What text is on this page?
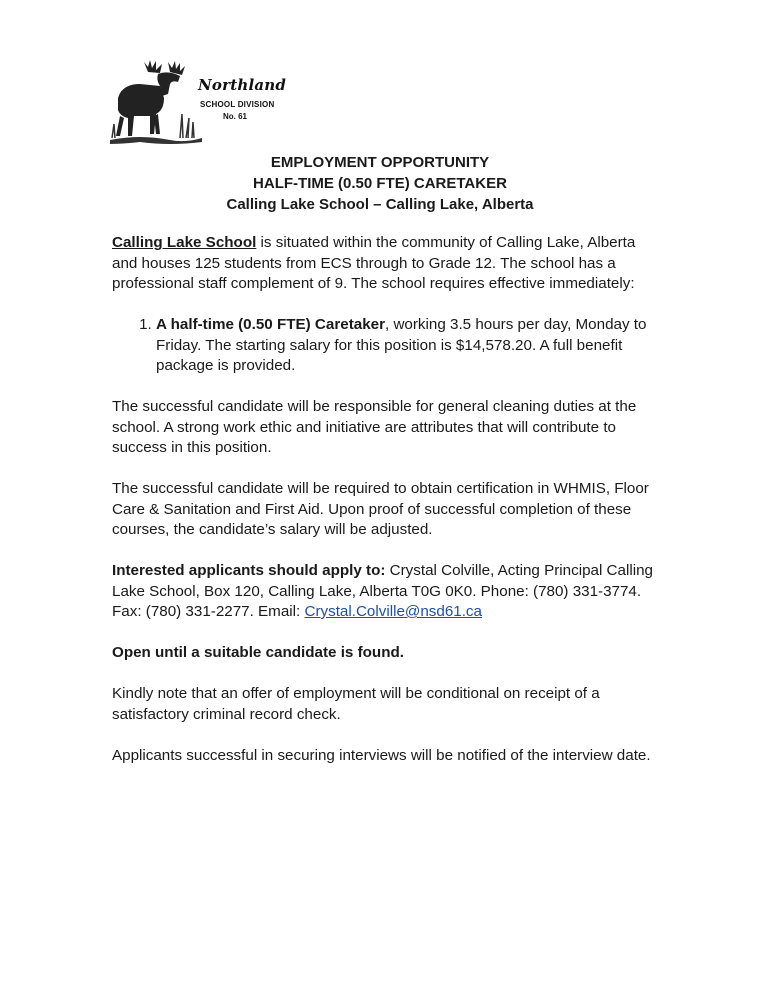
Northland
SCHOOL DIVISION
No. 61
EMPLOYMENT OPPORTUNITY
HALF-TIME (0.50 FTE) CARETAKER
Calling Lake School – Calling Lake, Alberta

Calling Lake School is situated within the community of Calling Lake, Alberta and houses 125 students from ECS through to Grade 12. The school has a professional staff complement of 9. The school requires effective immediately:

1. A half-time (0.50 FTE) Caretaker, working 3.5 hours per day, Monday to Friday. The starting salary for this position is $14,578.20. A full benefit package is provided.

The successful candidate will be responsible for general cleaning duties at the school. A strong work ethic and initiative are attributes that will contribute to success in this position.

The successful candidate will be required to obtain certification in WHMIS, Floor Care & Sanitation and First Aid. Upon proof of successful completion of these courses, the candidate’s salary will be adjusted.

Interested applicants should apply to: Crystal Colville, Acting Principal Calling Lake School, Box 120, Calling Lake, Alberta T0G 0K0. Phone: (780) 331-3774. Fax: (780) 331-2277. Email: Crystal.Colville@nsd61.ca

Open until a suitable candidate is found.

Kindly note that an offer of employment will be conditional on receipt of a satisfactory criminal record check.

Applicants successful in securing interviews will be notified of the interview date.
